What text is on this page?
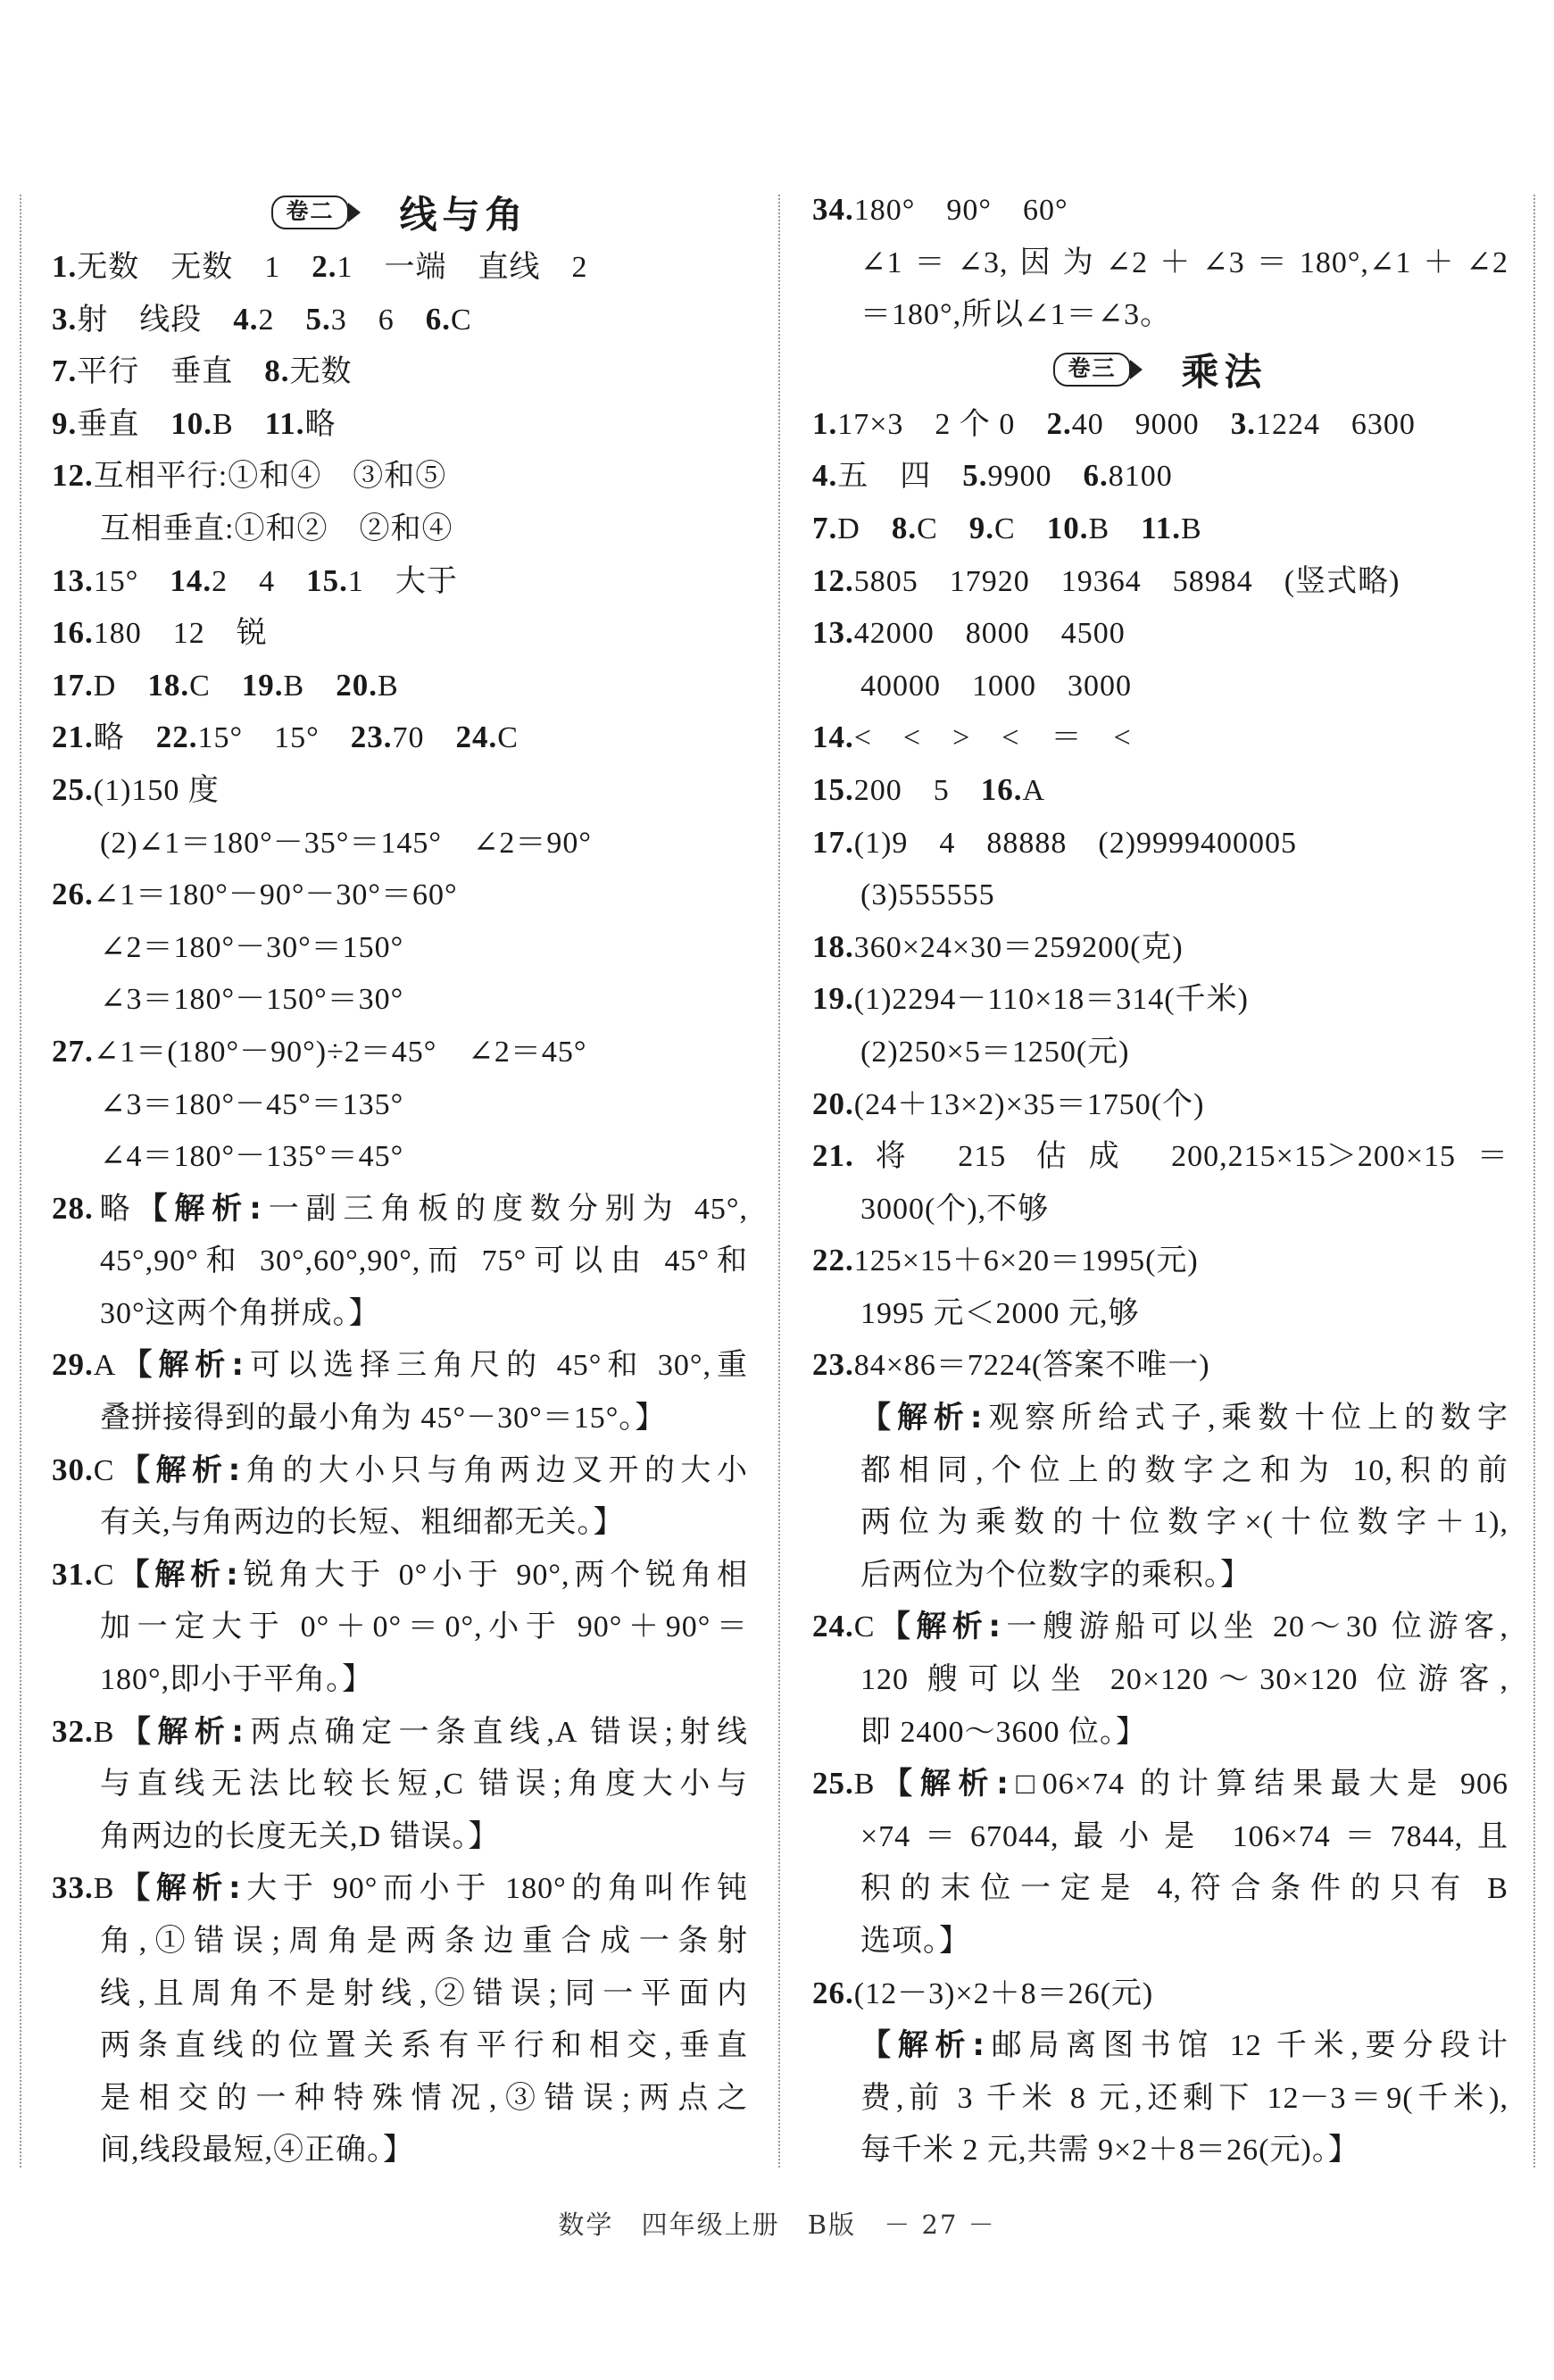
卷二	线与角
1.无数　无数　1　2.1　一端　直线　2
3.射　线段　4.2　5.3　6　6.C
7.平行　垂直　8.无数
9.垂直　10.B　11.略
12.互相平行:①和④　③和⑤
互相垂直:①和②　②和④
13.15°　14.2　4　15.1　大于
16.180　12　锐
17.D　18.C　19.B　20.B
21.略　22.15°　15°　23.70　24.C
25.(1)150 度
(2)∠1＝180°－35°＝145°　∠2＝90°
26.∠1＝180°－90°－30°＝60°
∠2＝180°－30°＝150°
∠3＝180°－150°＝30°
27.∠1＝(180°－90°)÷2＝45°　∠2＝45°
∠3＝180°－45°＝135°
∠4＝180°－135°＝45°
28.略【解析:一副三角板的度数分别为 45°,
45°,90°和 30°,60°,90°,而 75°可以由 45°和
30°这两个角拼成。】
29.A【解析:可以选择三角尺的 45°和 30°,重
叠拼接得到的最小角为 45°－30°＝15°。】
30.C【解析:角的大小只与角两边叉开的大小
有关,与角两边的长短、粗细都无关。】
31.C【解析:锐角大于 0°小于 90°,两个锐角相
加一定大于 0°＋0°＝0°,小于 90°＋90°＝
180°,即小于平角。】
32.B【解析:两点确定一条直线,A 错误;射线
与直线无法比较长短,C 错误;角度大小与
角两边的长度无关,D 错误。】
33.B【解析:大于 90°而小于 180°的角叫作钝
角,①错误;周角是两条边重合成一条射
线,且周角不是射线,②错误;同一平面内
两条直线的位置关系有平行和相交,垂直
是相交的一种特殊情况,③错误;两点之
间,线段最短,④正确。】
34.180°　90°　60°
∠1＝∠3,因为∠2＋∠3＝180°,∠1＋∠2
＝180°,所以∠1＝∠3。
卷三	乘法
1.17×3　2 个 0　2.40　9000　3.1224　6300
4.五　四　5.9900　6.8100
7.D　8.C　9.C　10.B　11.B
12.5805　17920　19364　58984　(竖式略)
13.42000　8000　4500
40000　1000　3000
14.<　<　>　<　＝　<
15.200　5　16.A
17.(1)9　4　88888　(2)9999400005
(3)555555
18.360×24×30＝259200(克)
19.(1)2294－110×18＝314(千米)
(2)250×5＝1250(元)
20.(24＋13×2)×35＝1750(个)
21.将 215 估成 200,215×15＞200×15＝
3000(个),不够
22.125×15＋6×20＝1995(元)
1995 元＜2000 元,够
23.84×86＝7224(答案不唯一)
【解析:观察所给式子,乘数十位上的数字
都相同,个位上的数字之和为 10,积的前
两位为乘数的十位数字×(十位数字＋1),
后两位为个位数字的乘积。】
24.C【解析:一艘游船可以坐 20～30 位游客,
120 艘可以坐 20×120～30×120 位游客,
即 2400～3600 位。】
25.B【解析:□06×74 的计算结果最大是 906
×74＝67044,最小是 106×74＝7844,且
积的末位一定是 4,符合条件的只有 B
选项。】
26.(12－3)×2＋8＝26(元)
【解析:邮局离图书馆 12 千米,要分段计
费,前 3 千米 8 元,还剩下 12－3＝9(千米),
每千米 2 元,共需 9×2＋8＝26(元)。】
数学 四年级上册 B版 － 27 －
